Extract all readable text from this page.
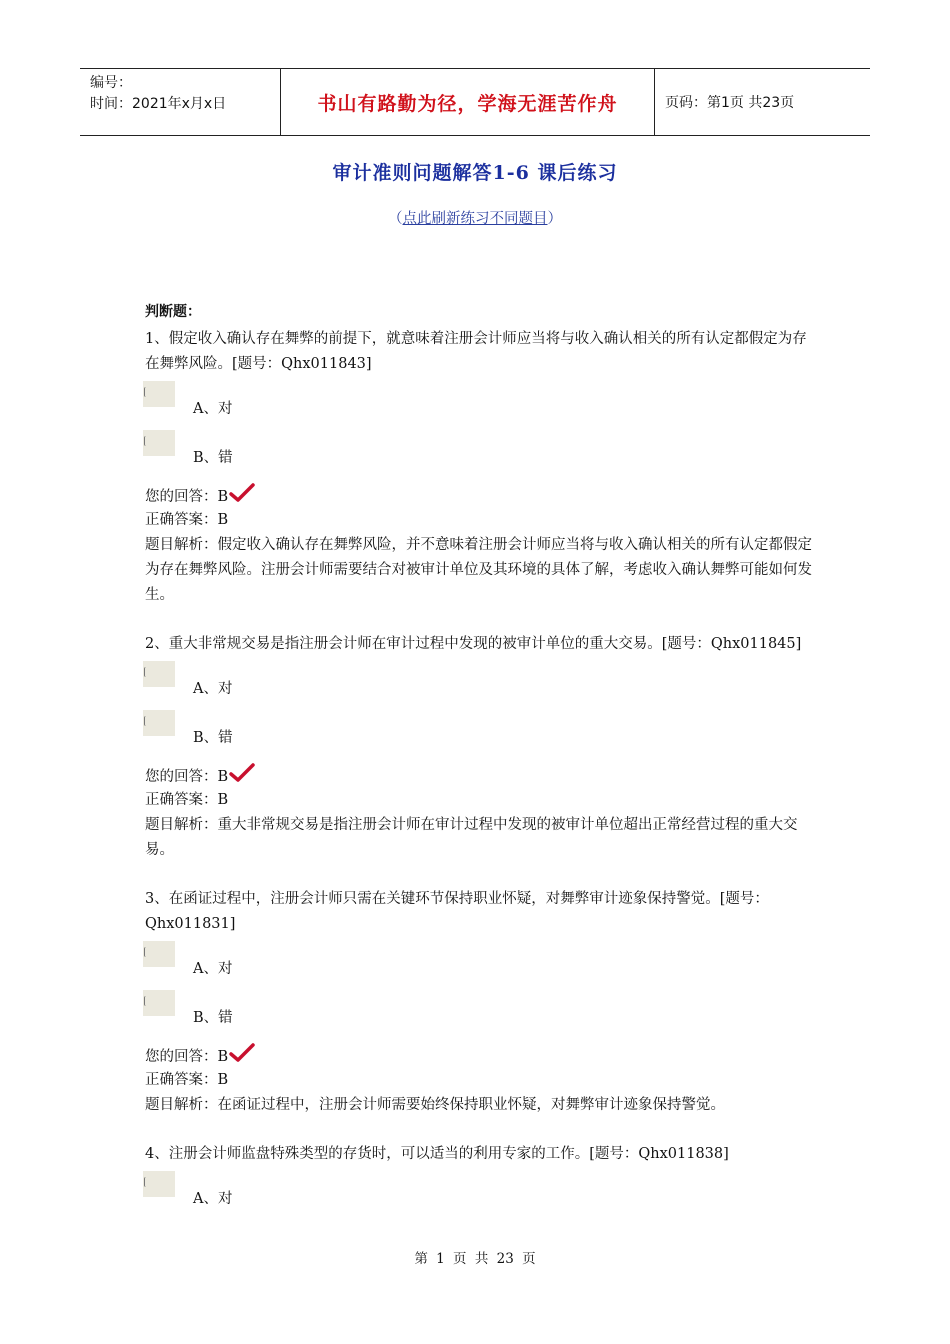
编号：
时间：2021年x月x日	书山有路勤为径，学海无涯苦作舟	页码：第1页 共23页
审计准则问题解答1-6 课后练习
（点此刷新练习不同题目）
判断题：

1、假定收入确认存在舞弊的前提下，就意味着注册会计师应当将与收入确认相关的所有认定都假定为存在舞弊风险。[题号：Qhx011843]

A、对
B、错
您的回答：B
正确答案：B

题目解析：假定收入确认存在舞弊风险，并不意味着注册会计师应当将与收入确认相关的所有认定都假定为存在舞弊风险。注册会计师需要结合对被审计单位及其环境的具体了解，考虑收入确认舞弊可能如何发生。

2、重大非常规交易是指注册会计师在审计过程中发现的被审计单位的重大交易。[题号：Qhx011845]

A、对
B、错
您的回答：B
正确答案：B

题目解析：重大非常规交易是指注册会计师在审计过程中发现的被审计单位超出正常经营过程的重大交易。

3、在函证过程中，注册会计师只需在关键环节保持职业怀疑，对舞弊审计迹象保持警觉。[题号：Qhx011831]

A、对
B、错
您的回答：B
正确答案：B

题目解析：在函证过程中，注册会计师需要始终保持职业怀疑，对舞弊审计迹象保持警觉。

4、注册会计师监盘特殊类型的存货时，可以适当的利用专家的工作。[题号：Qhx011838]

A、对
第 1 页 共 23 页
